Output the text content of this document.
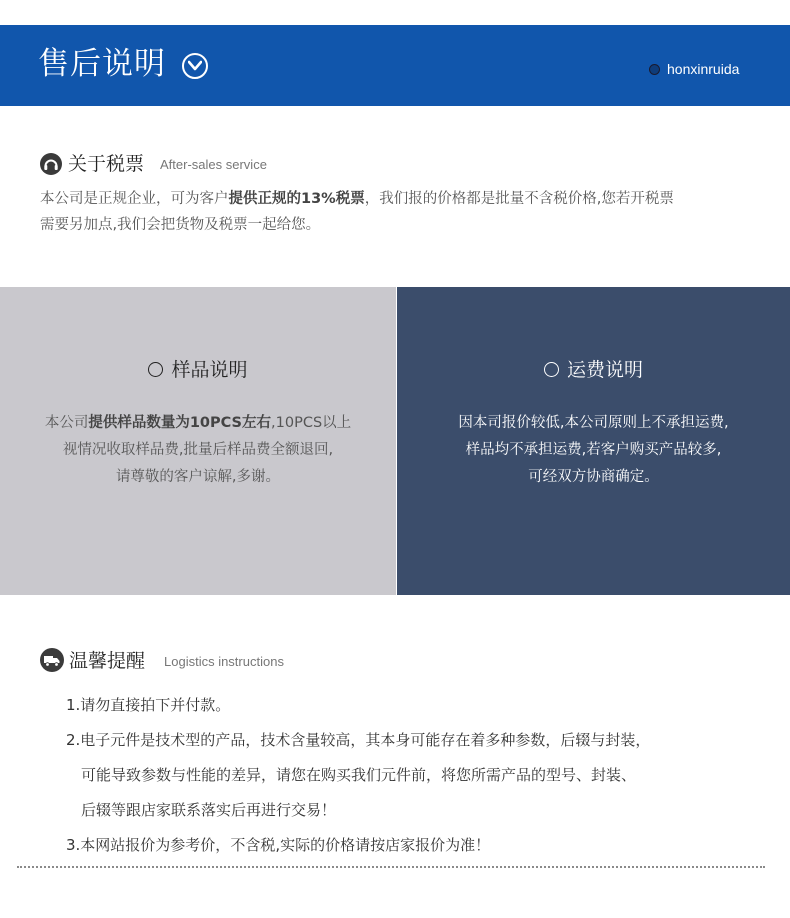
售后说明	honxinruida
关于税票 After-sales service
本公司是正规企业，可为客户提供正规的13%税票，我们报的价格都是批量不含税价格,您若开税票
需要另加点,我们会把货物及税票一起给您。
样品说明
本公司提供样品数量为10PCS左右,10PCS以上
视情况收取样品费,批量后样品费全额退回,
请尊敬的客户谅解,多谢。
运费说明
因本司报价较低,本公司原则上不承担运费,
样品均不承担运费,若客户购买产品较多,
可经双方协商确定。
温馨提醒 Logistics instructions
1.请勿直接拍下并付款。
2.电子元件是技术型的产品，技术含量较高，其本身可能存在着多种参数，后辍与封装，
可能导致参数与性能的差异，请您在购买我们元件前，将您所需产品的型号、封装、
后辍等跟店家联系落实后再进行交易！
3.本网站报价为参考价，不含税,实际的价格请按店家报价为准！
